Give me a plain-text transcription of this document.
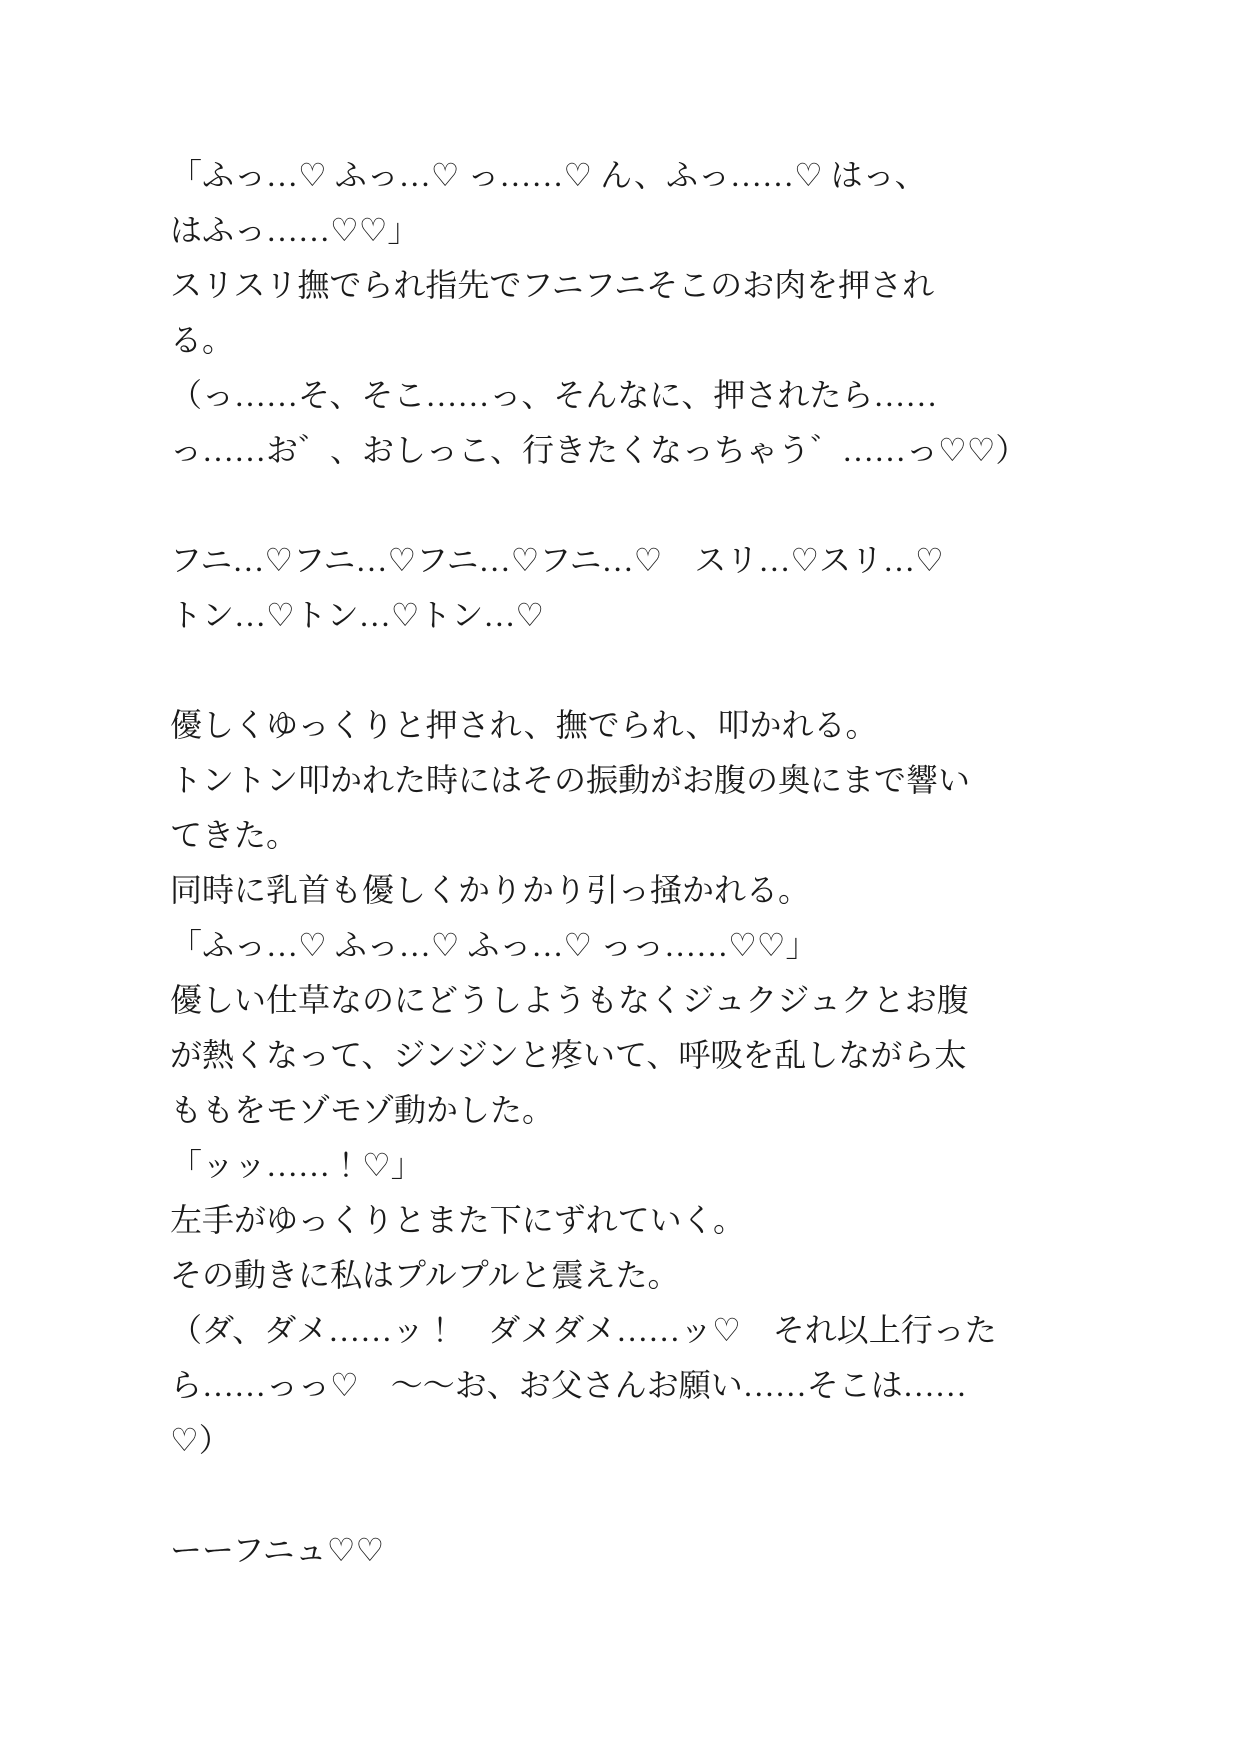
「ふっ…♡ ふっ…♡ っ……♡ ん、ふっ……♡ はっ、
はふっ……♡♡」
スリスリ撫でられ指先でフニフニそこのお肉を押され
る。
（っ……そ、そこ……っ、そんなに、押されたら……
っ……お゛、おしっこ、行きたくなっちゃう゛……っ♡♡）
フニ…♡フニ…♡フニ…♡フニ…♡　スリ…♡スリ…♡
トン…♡トン…♡トン…♡
優しくゆっくりと押され、撫でられ、叩かれる。
トントン叩かれた時にはその振動がお腹の奥にまで響い
てきた。
同時に乳首も優しくかりかり引っ掻かれる。
「ふっ…♡ ふっ…♡ ふっ…♡ っっ……♡♡」
優しい仕草なのにどうしようもなくジュクジュクとお腹
が熱くなって、ジンジンと疼いて、呼吸を乱しながら太
ももをモゾモゾ動かした。
「ッッ……！♡」
左手がゆっくりとまた下にずれていく。
その動きに私はプルプルと震えた。
（ダ、ダメ……ッ！　ダメダメ……ッ♡　それ以上行った
ら……っっ♡　〜〜お、お父さんお願い……そこは……
♡）
ーーフニュ♡♡
